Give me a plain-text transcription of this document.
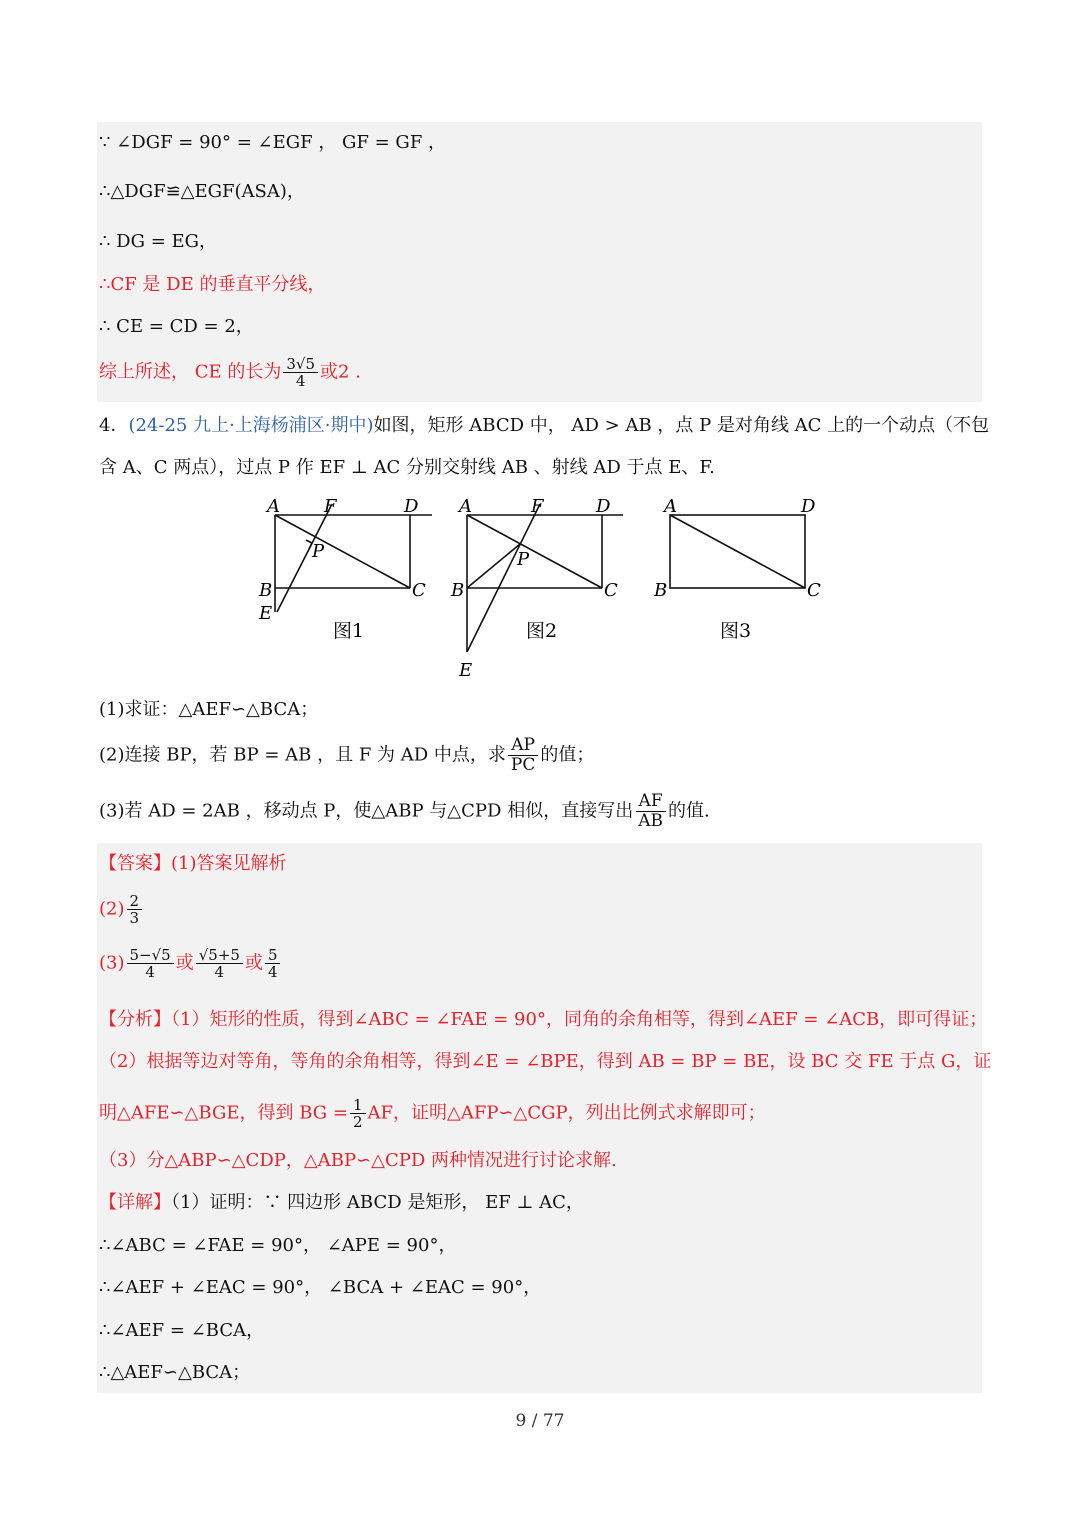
∵ ∠DGF = 90° = ∠EGF ， GF = GF ，
∴△DGF≌△EGF(ASA)，
∴ DG = EG，
∴CF 是 DE 的垂直平分线，
∴ CE = CD = 2，
综上所述， CE 的长为 $\frac{3√5}{4}$ 或2 .
4．(24-25 九上·上海杨浦区·期中)如图，矩形 ABCD 中， AD > AB ，点 P 是对角线 AC 上的一个动点（不包
含 A、C 两点），过点 P 作 EF ⊥ AC 分别交射线 AB 、射线 AD 于点 E、F.
A F	D
P
B	C
E
图1
A	F	D
P
B	C
E
图2
A	D
B	C
图3
(1)求证：△AEF∽△BCA；
(2)连接 BP，若 BP = AB ，且 F 为 AD 中点，求 $\frac{AP}{PC}$ 的值；
(3)若 AD = 2AB ，移动点 P，使△ABP 与△CPD 相似，直接写出 $\frac{AF}{AB}$ 的值.
【答案】(1)答案见解析
$(2) \frac{2}{3}$
$(3) \frac{5-√5}{4}$ 或 $\frac{√5+5}{4}$ 或 $\frac{5}{4}$
【分析】（1）矩形的性质，得到∠ABC = ∠FAE = 90°，同角的余角相等，得到∠AEF = ∠ACB，即可得证；
（2）根据等边对等角，等角的余角相等，得到∠E = ∠BPE，得到 AB = BP = BE，设 BC 交 FE 于点 G，证
明△AFE∽△BGE，得到 BG = $\frac{1}{2}$ AF，证明△AFP∽△CGP，列出比例式求解即可；
（3）分△ABP∽△CDP，△ABP∽△CPD 两种情况进行讨论求解.
【详解】（1）证明：∵ 四边形 ABCD 是矩形， EF ⊥ AC，
∴∠ABC = ∠FAE = 90°， ∠APE = 90°，
∴∠AEF + ∠EAC = 90°， ∠BCA + ∠EAC = 90°，
∴∠AEF = ∠BCA，
∴△AEF∽△BCA；
9 / 77
